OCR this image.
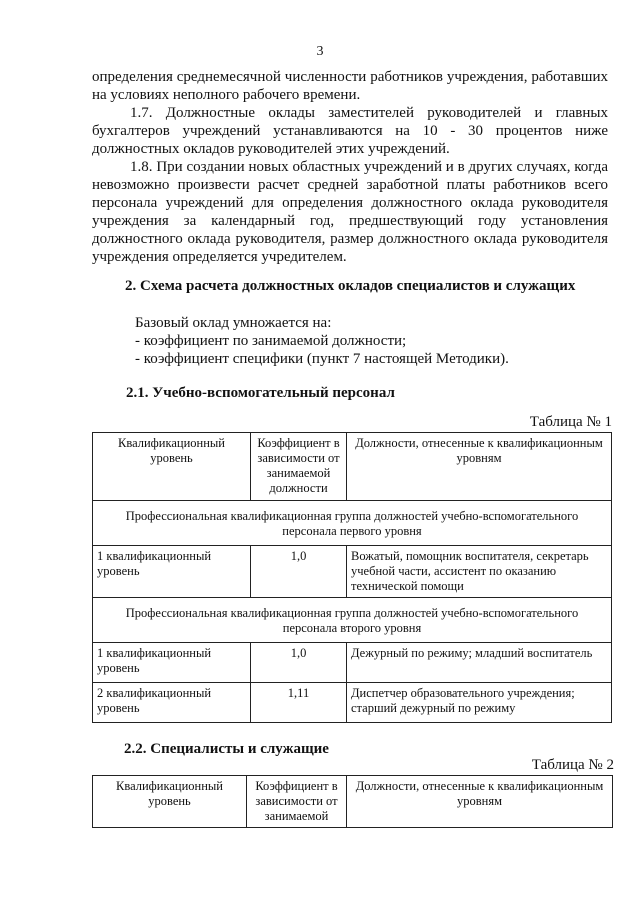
3
определения среднемесячной численности работников учреждения, работавших на условиях неполного рабочего времени.
1.7. Должностные оклады заместителей руководителей и главных бухгалтеров учреждений устанавливаются на 10 - 30 процентов ниже должностных окладов руководителей этих учреждений.
1.8. При создании новых областных учреждений и в других случаях, когда невозможно произвести расчет средней заработной платы работников всего персонала учреждений для определения должностного оклада руководителя учреждения за календарный год, предшествующий году установления должностного оклада руководителя, размер должностного оклада руководителя учреждения определяется учредителем.
2. Схема расчета должностных окладов специалистов и служащих
Базовый оклад умножается на:
- коэффициент по занимаемой должности;
- коэффициент специфики (пункт 7 настоящей Методики).
2.1. Учебно-вспомогательный персонал
Таблица № 1
Квалификационный уровень	Коэффициент в зависимости от занимаемой должности	Должности, отнесенные к квалификационным уровням
Профессиональная квалификационная группа должностей учебно-вспомогательного персонала первого уровня		
1 квалификационный уровень	1,0	Вожатый, помощник воспитателя, секретарь учебной части, ассистент по оказанию технической помощи
Профессиональная квалификационная группа должностей учебно-вспомогательного персонала второго уровня		
1 квалификационный уровень	1,0	Дежурный по режиму; младший воспитатель
2 квалификационный уровень	1,11	Диспетчер образовательного учреждения; старший дежурный по режиму
2.2. Специалисты и служащие
Таблица № 2
Квалификационный уровень	Коэффициент в зависимости от занимаемой	Должности, отнесенные к квалификационным уровням
